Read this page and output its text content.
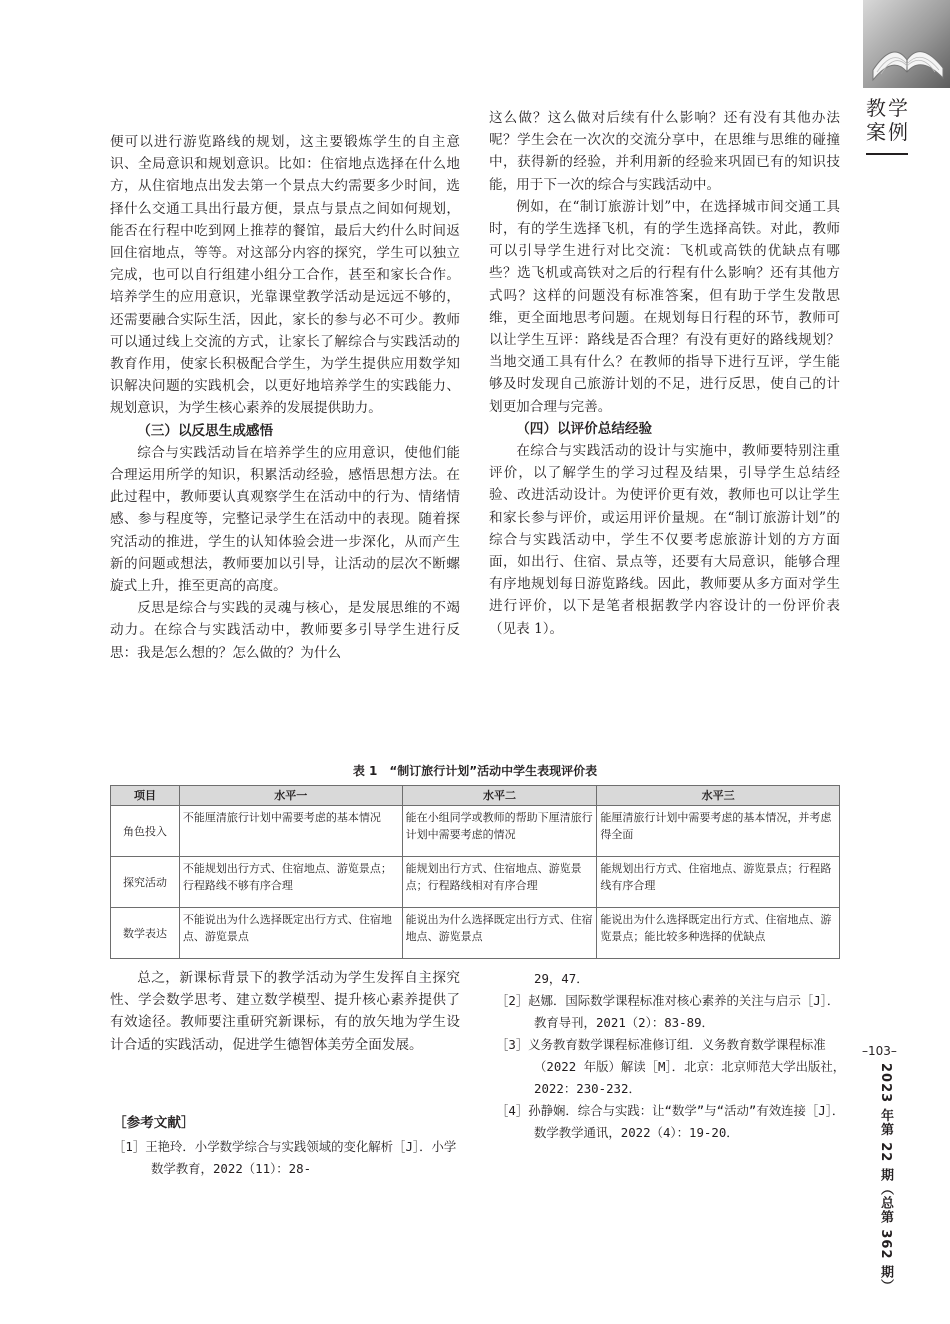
教学案例

便可以进行游览路线的规划，这主要锻炼学生的自主意识、全局意识和规划意识。比如：住宿地点选择在什么地方，从住宿地点出发去第一个景点大约需要多少时间，选择什么交通工具出行最方便，景点与景点之间如何规划，能否在行程中吃到网上推荐的餐馆，最后大约什么时间返回住宿地点，等等。对这部分内容的探究，学生可以独立完成，也可以自行组建小组分工合作，甚至和家长合作。培养学生的应用意识，光靠课堂教学活动是远远不够的，还需要融合实际生活，因此，家长的参与必不可少。教师可以通过线上交流的方式，让家长了解综合与实践活动的教育作用，使家长积极配合学生，为学生提供应用数学知识解决问题的实践机会，以更好地培养学生的实践能力、规划意识，为学生核心素养的发展提供助力。

（三）以反思生成感悟

综合与实践活动旨在培养学生的应用意识，使他们能合理运用所学的知识，积累活动经验，感悟思想方法。在此过程中，教师要认真观察学生在活动中的行为、情绪情感、参与程度等，完整记录学生在活动中的表现。随着探究活动的推进，学生的认知体验会进一步深化，从而产生新的问题或想法，教师要加以引导，让活动的层次不断螺旋式上升，推至更高的高度。

反思是综合与实践的灵魂与核心，是发展思维的不竭动力。在综合与实践活动中，教师要多引导学生进行反思：我是怎么想的？怎么做的？为什么

这么做？这么做对后续有什么影响？还有没有其他办法呢？学生会在一次次的交流分享中，在思维与思维的碰撞中，获得新的经验，并利用新的经验来巩固已有的知识技能，用于下一次的综合与实践活动中。

例如，在“制订旅游计划”中，在选择城市间交通工具时，有的学生选择飞机，有的学生选择高铁。对此，教师可以引导学生进行对比交流：飞机或高铁的优缺点有哪些？选飞机或高铁对之后的行程有什么影响？还有其他方式吗？这样的问题没有标准答案，但有助于学生发散思维，更全面地思考问题。在规划每日行程的环节，教师可以让学生互评：路线是否合理？有没有更好的路线规划？当地交通工具有什么？在教师的指导下进行互评，学生能够及时发现自己旅游计划的不足，进行反思，使自己的计划更加合理与完善。

（四）以评价总结经验

在综合与实践活动的设计与实施中，教师要特别注重评价，以了解学生的学习过程及结果，引导学生总结经验、改进活动设计。为使评价更有效，教师也可以让学生和家长参与评价，或运用评价量规。在“制订旅游计划”的综合与实践活动中，学生不仅要考虑旅游计划的方方面面，如出行、住宿、景点等，还要有大局意识，能够合理有序地规划每日游览路线。因此，教师要从多方面对学生进行评价，以下是笔者根据教学内容设计的一份评价表（见表 1）。

表 1　“制订旅行计划”活动中学生表现评价表
项目	水平一	水平二	水平三
角色投入	不能厘清旅行计划中需要考虑的基本情况	能在小组同学或教师的帮助下厘清旅行计划中需要考虑的情况	能厘清旅行计划中需要考虑的基本情况，并考虑得全面
探究活动	不能规划出行方式、住宿地点、游览景点；行程路线不够有序合理	能规划出行方式、住宿地点、游览景点；行程路线相对有序合理	能规划出行方式、住宿地点、游览景点；行程路线有序合理
数学表达	不能说出为什么选择既定出行方式、住宿地点、游览景点	能说出为什么选择既定出行方式、住宿地点、游览景点	能说出为什么选择既定出行方式、住宿地点、游览景点；能比较多种选择的优缺点

总之，新课标背景下的教学活动为学生发挥自主探究性、学会数学思考、建立数学模型、提升核心素养提供了有效途径。教师要注重研究新课标，有的放矢地为学生设计合适的实践活动，促进学生德智体美劳全面发展。

［参考文献］

［1］王艳玲．小学数学综合与实践领域的变化解析［J］．小学数学教育，2022（11）：28-

29，47．

［2］赵娜．国际数学课程标准对核心素养的关注与启示［J］．教育导刊，2021（2）：83-89．

［3］义务教育数学课程标准修订组．义务教育数学课程标准（2022 年版）解读［M］．北京：北京师范大学出版社，2022：230-232．

［4］孙静娴．综合与实践：让“数学”与“活动”有效连接［J］．数学教学通讯，2022（4）：19-20．

–103–
2023 年第 22 期（总第 362 期）
